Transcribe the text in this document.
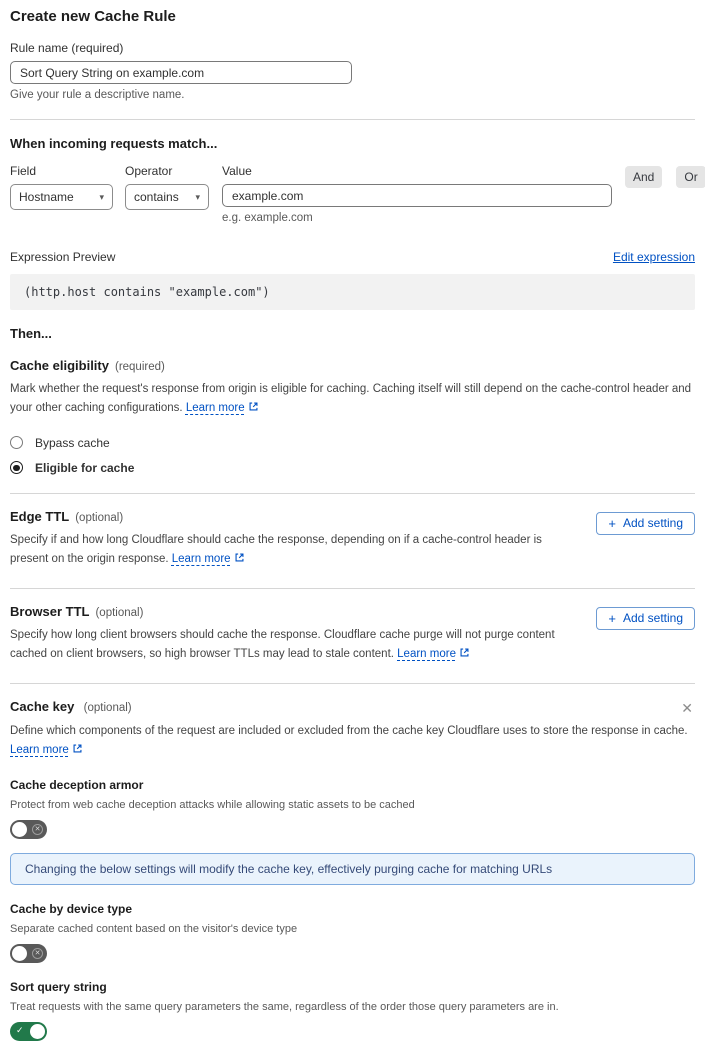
Create new Cache Rule
Rule name (required)
Sort Query String on example.com
Give your rule a descriptive name.
When incoming requests match...
Field
Hostname	▾
Operator
contains ▾
Value
example.com
e.g. example.com
And	Or
Expression Preview	Edit expression
(http.host contains "example.com")
Then...
Cache eligibility (required)
Mark whether the request's response from origin is eligible for caching. Caching itself will still depend on the cache-control header and your other caching configurations. Learn more
Bypass cache
Eligible for cache
Edge TTL (optional)
Specify if and how long Cloudflare should cache the response, depending on if a cache-control header is present on the origin response. Learn more
+ Add setting
Browser TTL (optional)
Specify how long client browsers should cache the response. Cloudflare cache purge will not purge content cached on client browsers, so high browser TTLs may lead to stale content. Learn more
+ Add setting
Cache key (optional)	✕
Define which components of the request are included or excluded from the cache key Cloudflare uses to store the response in cache.
Learn more
Cache deception armor
Protect from web cache deception attacks while allowing static assets to be cached
✕
Changing the below settings will modify the cache key, effectively purging cache for matching URLs
Cache by device type
Separate cached content based on the visitor's device type
✕
Sort query string
Treat requests with the same query parameters the same, regardless of the order those query parameters are in.
✓
